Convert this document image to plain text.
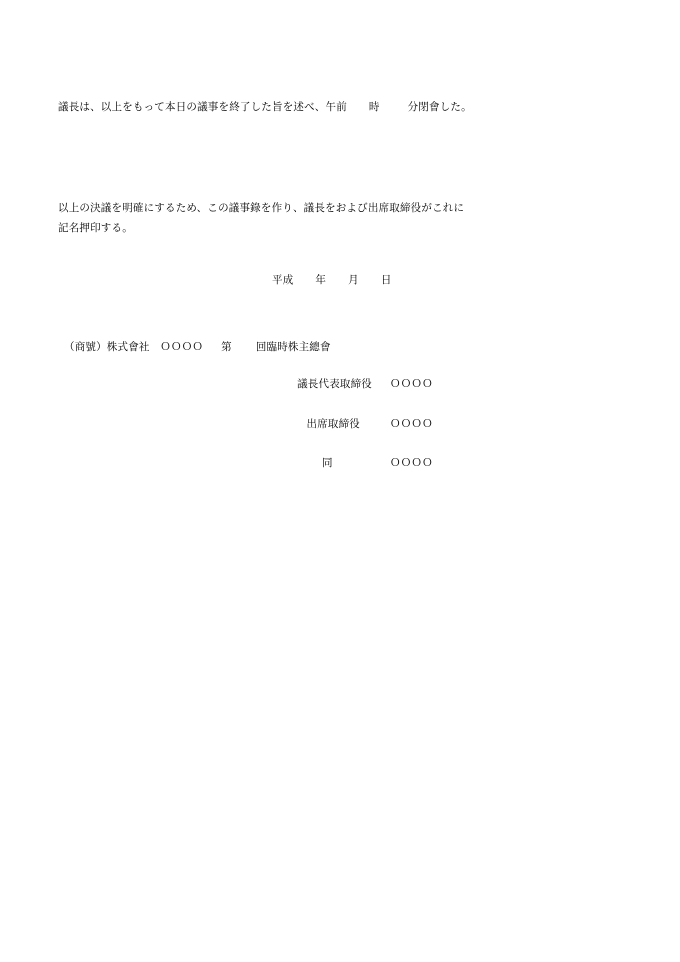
議長は、以上をもって本日の議事を終了した旨を述べ、午前 時	分閉會した。
以上の決議を明確にするため、この議事錄を作り、議長をおよび出席取締役がこれに
記名押印する。
平成 年 月 日
（商號）株式會社　ＯＯＯＯ 第 回臨時株主總會
議長代表取締役 ＯＯＯＯ
出席取締役	ＯＯＯＯ
同	ＯＯＯＯ
